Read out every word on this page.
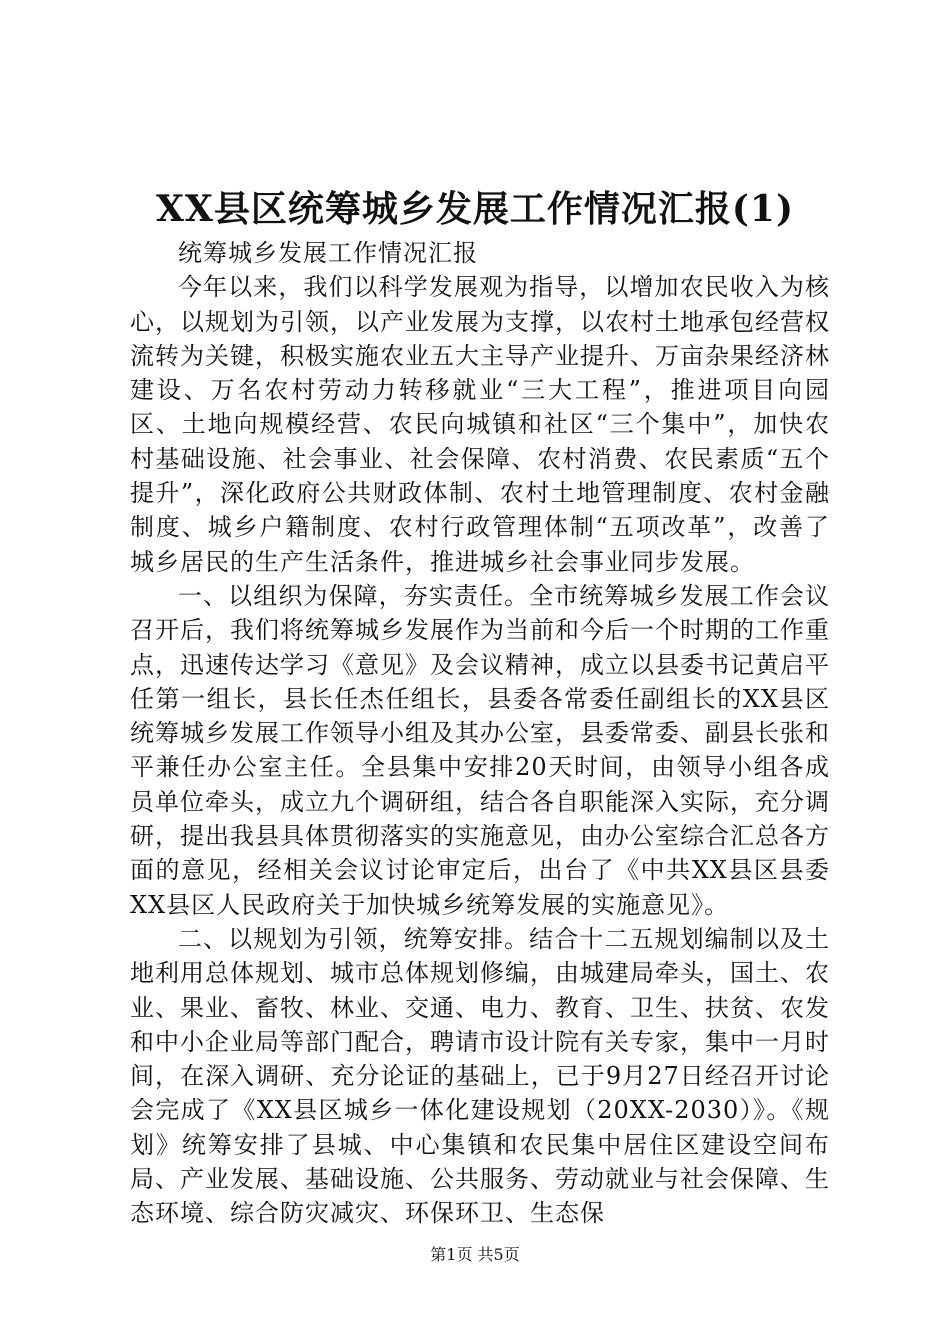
XX县区统筹城乡发展工作情况汇报(1)

统筹城乡发展工作情况汇报

今年以来，我们以科学发展观为指导，以增加农民收入为核心，以规划为引领，以产业发展为支撑，以农村土地承包经营权流转为关键，积极实施农业五大主导产业提升、万亩杂果经济林建设、万名农村劳动力转移就业“三大工程”，推进项目向园区、土地向规模经营、农民向城镇和社区“三个集中”，加快农村基础设施、社会事业、社会保障、农村消费、农民素质“五个提升”，深化政府公共财政体制、农村土地管理制度、农村金融制度、城乡户籍制度、农村行政管理体制“五项改革”，改善了城乡居民的生产生活条件，推进城乡社会事业同步发展。

一、以组织为保障，夯实责任。全市统筹城乡发展工作会议召开后，我们将统筹城乡发展作为当前和今后一个时期的工作重点，迅速传达学习《意见》及会议精神，成立以县委书记黄启平任第一组长，县长任杰任组长，县委各常委任副组长的XX县区统筹城乡发展工作领导小组及其办公室，县委常委、副县长张和平兼任办公室主任。全县集中安排20天时间，由领导小组各成员单位牵头，成立九个调研组，结合各自职能深入实际，充分调研，提出我县具体贯彻落实的实施意见，由办公室综合汇总各方面的意见，经相关会议讨论审定后，出台了《中共XX县区县委XX县区人民政府关于加快城乡统筹发展的实施意见》。

二、以规划为引领，统筹安排。结合十二五规划编制以及土地利用总体规划、城市总体规划修编，由城建局牵头，国土、农业、果业、畜牧、林业、交通、电力、教育、卫生、扶贫、农发和中小企业局等部门配合，聘请市设计院有关专家，集中一月时间，在深入调研、充分论证的基础上，已于9月27日经召开讨论会完成了《XX县区城乡一体化建设规划（20XX-2030）》。《规划》统筹安排了县城、中心集镇和农民集中居住区建设空间布局、产业发展、基础设施、公共服务、劳动就业与社会保障、生态环境、综合防灾减灾、环保环卫、生态保

第1页 共5页
